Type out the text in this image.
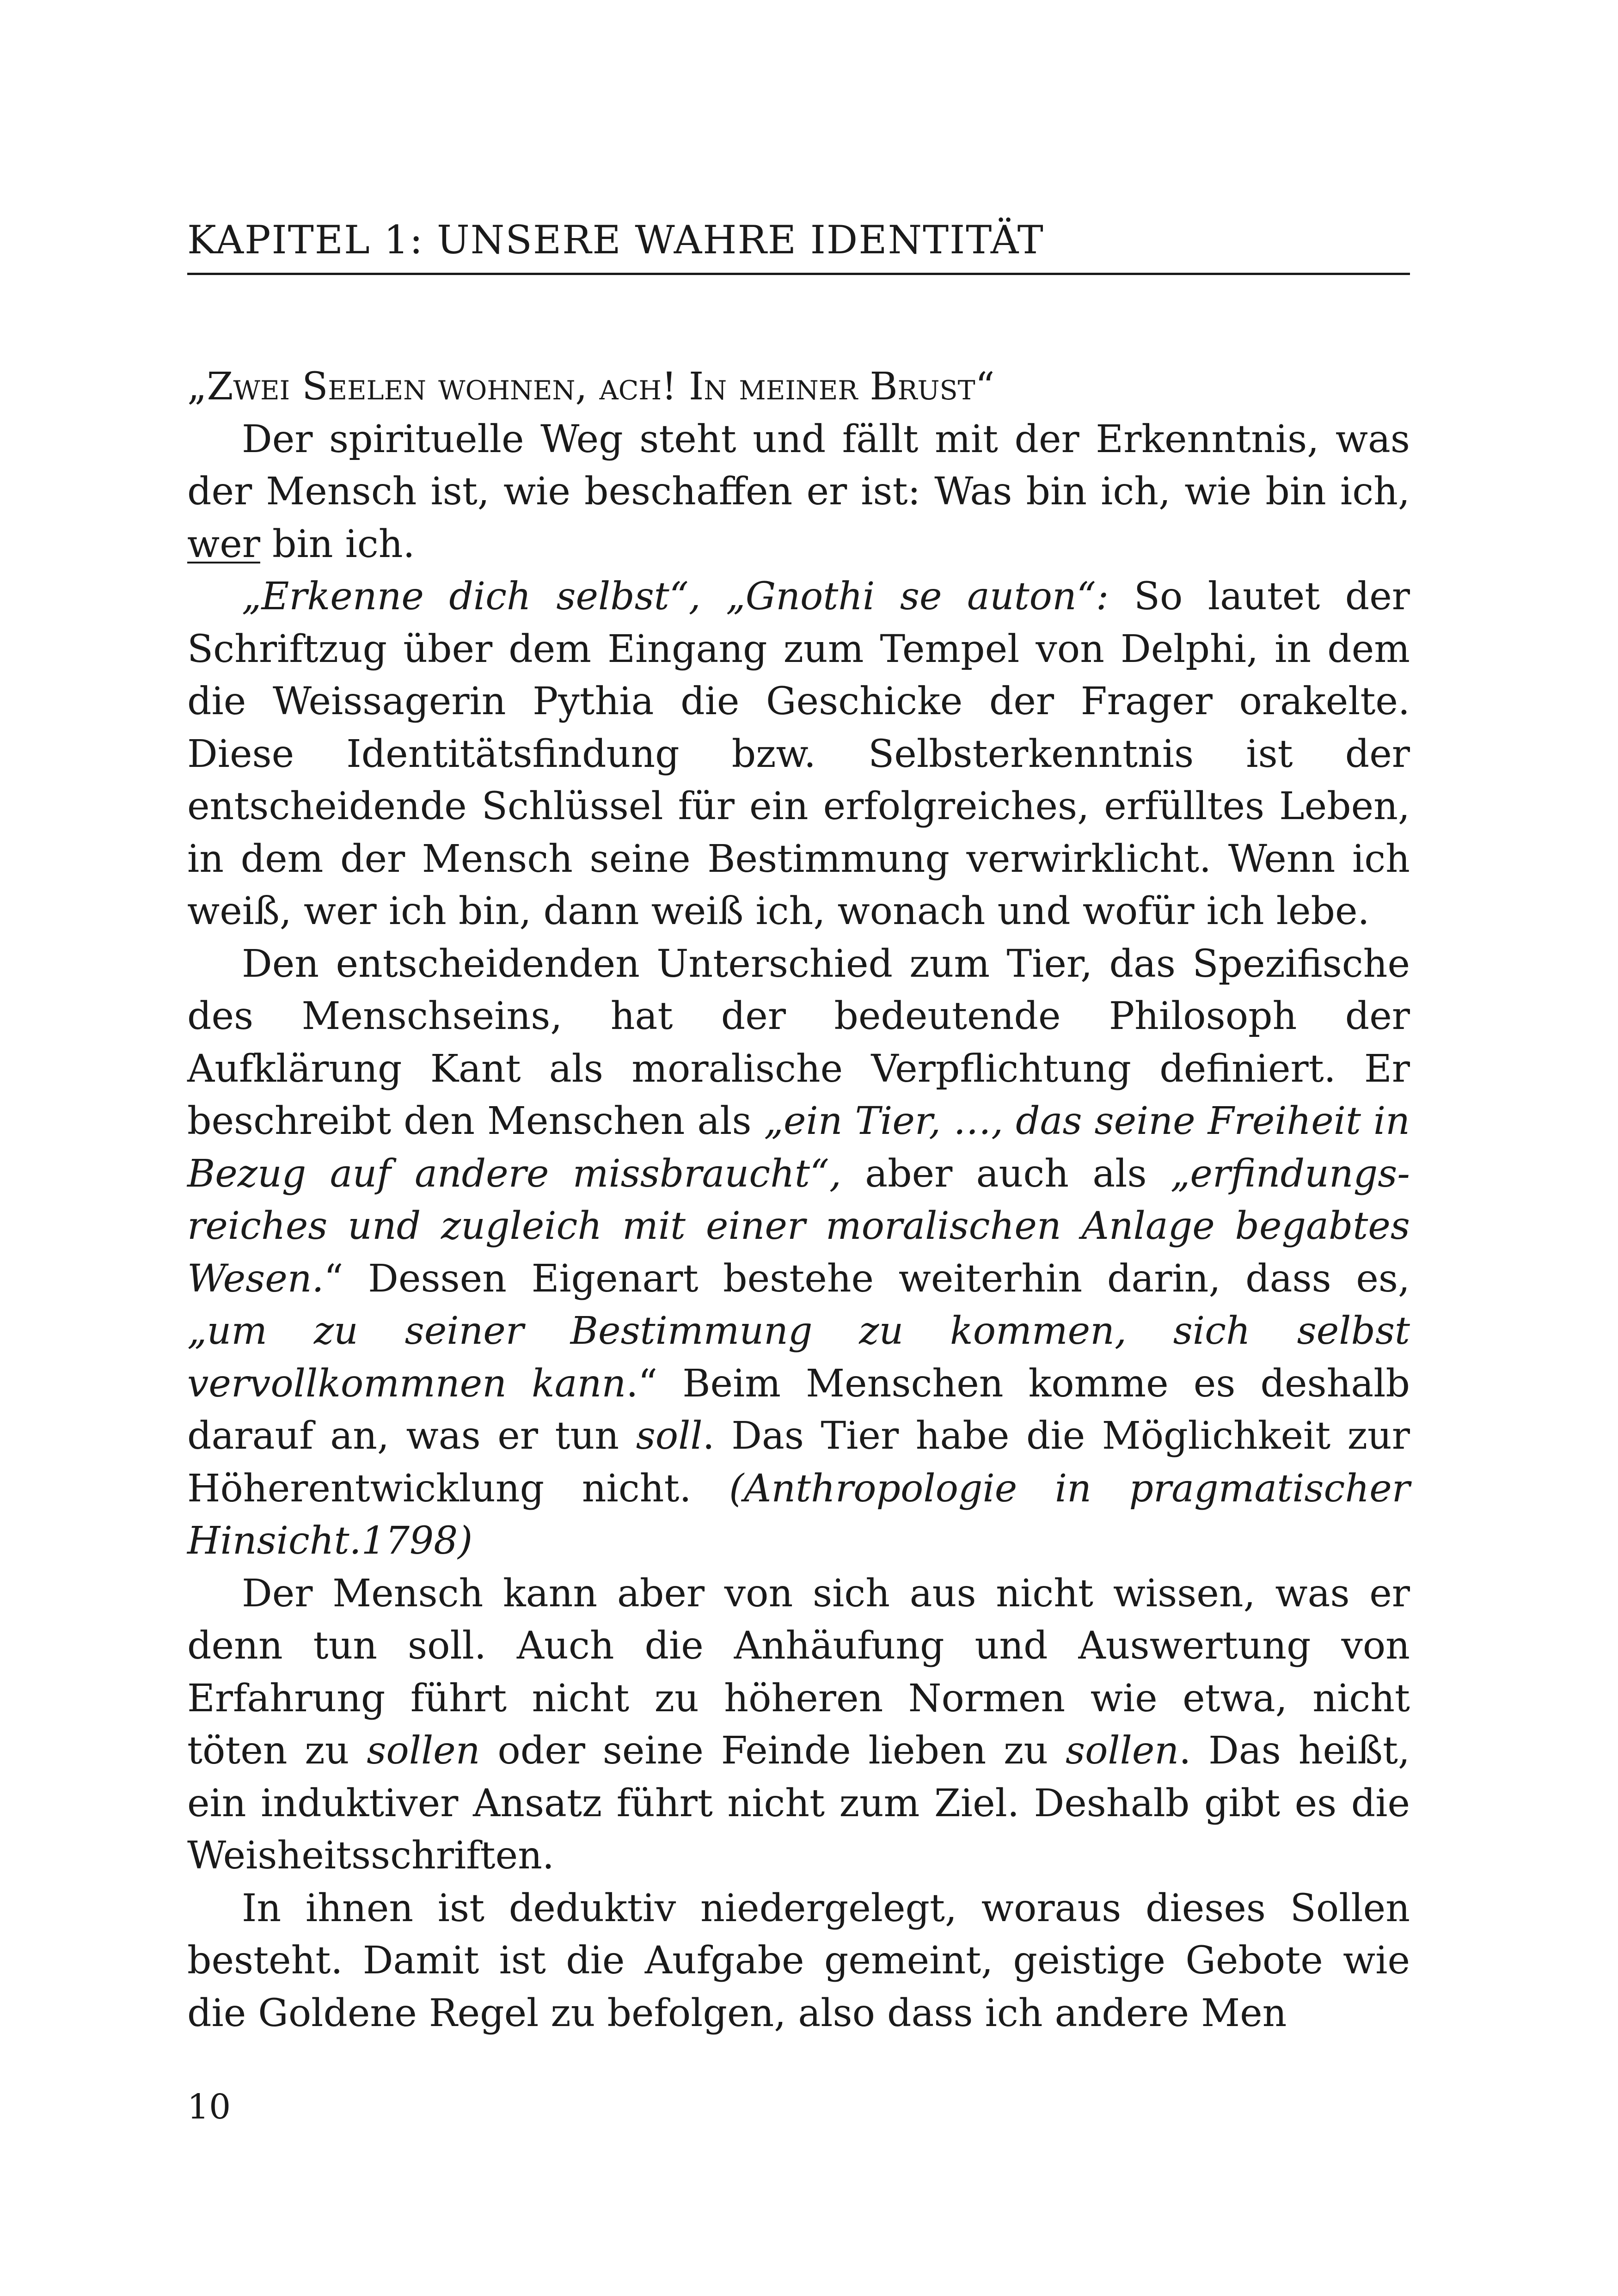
KAPITEL 1: UNSERE WAHRE IDENTITÄT
„Zwei Seelen wohnen, ach! In meiner Brust“

Der spirituelle Weg steht und fällt mit der Erkenntnis, was der Mensch ist, wie beschaffen er ist: Was bin ich, wie bin ich, wer bin ich.

„Erkenne dich selbst“, „Gnothi se auton“: So lautet der Schriftzug über dem Eingang zum Tempel von Delphi, in dem die Weissagerin Pythia die Geschicke der Frager orakelte. Diese Identitätsfindung bzw. Selbsterkenntnis ist der entscheidende Schlüssel für ein erfolgreiches, erfülltes Leben, in dem der Mensch seine Bestimmung verwirklicht. Wenn ich weiß, wer ich bin, dann weiß ich, wonach und wofür ich lebe.

Den entscheidenden Unterschied zum Tier, das Spezifische des Menschseins, hat der bedeutende Philosoph der Aufklärung Kant als moralische Verpflichtung definiert. Er beschreibt den Menschen als „ein Tier, …, das seine Freiheit in Bezug auf andere missbraucht“, aber auch als „erfindungsreiches und zugleich mit einer moralischen Anlage begabtes Wesen.“ Dessen Eigenart bestehe weiterhin darin, dass es, „um zu seiner Bestimmung zu kommen, sich selbst vervollkommnen kann.“ Beim Menschen komme es deshalb darauf an, was er tun soll. Das Tier habe die Möglichkeit zur Höherentwicklung nicht. (Anthropologie in pragmatischer Hinsicht.1798)

Der Mensch kann aber von sich aus nicht wissen, was er denn tun soll. Auch die Anhäufung und Auswertung von Erfahrung führt nicht zu höheren Normen wie etwa, nicht töten zu sollen oder seine Feinde lieben zu sollen. Das heißt, ein induktiver Ansatz führt nicht zum Ziel. Deshalb gibt es die Weisheitsschriften.

In ihnen ist deduktiv niedergelegt, woraus dieses Sollen besteht. Damit ist die Aufgabe gemeint, geistige Gebote wie die Goldene Regel zu befolgen, also dass ich andere Men

10
